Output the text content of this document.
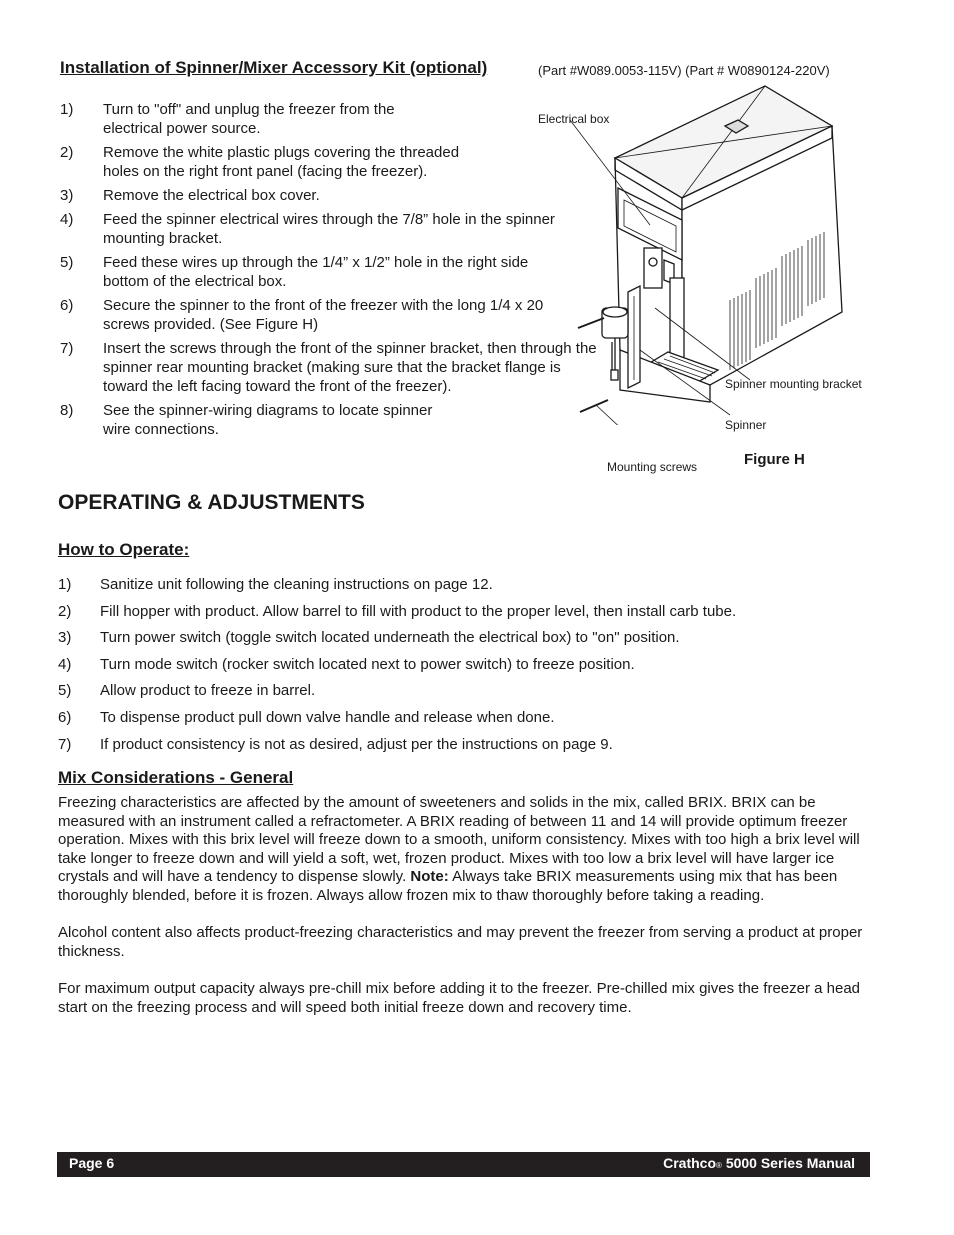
Installation of Spinner/Mixer Accessory Kit (optional)	(Part #W089.0053-115V) (Part # W0890124-220V)
1) Turn to "off" and unplug the freezer from the electrical power source.
2) Remove the white plastic plugs covering the threaded holes on the right front panel (facing the freezer).
3) Remove the electrical box cover.
4) Feed the spinner electrical wires through the 7/8” hole in the spinner mounting bracket.
5) Feed these wires up through the 1/4” x 1/2” hole in the right side bottom of the electrical box.
6) Secure the spinner to the front of the freezer with the long 1/4 x 20 screws provided. (See Figure H)
7) Insert the screws through the front of the spinner bracket, then through the spinner rear mounting bracket (making sure that the bracket flange is toward the left facing toward the front of the freezer).
8) See the spinner-wiring diagrams to locate spinner wire connections.
Electrical box
Spinner mounting bracket
Spinner
Mounting screws	Figure H
OPERATING & ADJUSTMENTS
How to Operate:
1) Sanitize unit following the cleaning instructions on page 12.
2) Fill hopper with product. Allow barrel to fill with product to the proper level, then install carb tube.
3) Turn power switch (toggle switch located underneath the electrical box) to "on" position.
4) Turn mode switch (rocker switch located next to power switch) to freeze position.
5) Allow product to freeze in barrel.
6) To dispense product pull down valve handle and release when done.
7) If product consistency is not as desired, adjust per the instructions on page 9.
Mix Considerations - General

Freezing characteristics are affected by the amount of sweeteners and solids in the mix, called BRIX. BRIX can be measured with an instrument called a refractometer. A BRIX reading of between 11 and 14 will provide optimum freezer operation. Mixes with this brix level will freeze down to a smooth, uniform consistency. Mixes with too high a brix level will take longer to freeze down and will yield a soft, wet, frozen product. Mixes with too low a brix level will have larger ice crystals and will have a tendency to dispense slowly. Note: Always take BRIX measurements using mix that has been thoroughly blended, before it is frozen. Always allow frozen mix to thaw thoroughly before taking a reading.

Alcohol content also affects product-freezing characteristics and may prevent the freezer from serving a product at proper thickness.

For maximum output capacity always pre-chill mix before adding it to the freezer. Pre-chilled mix gives the freezer a head start on the freezing process and will speed both initial freeze down and recovery time.

Page 6	Crathco® 5000 Series Manual
